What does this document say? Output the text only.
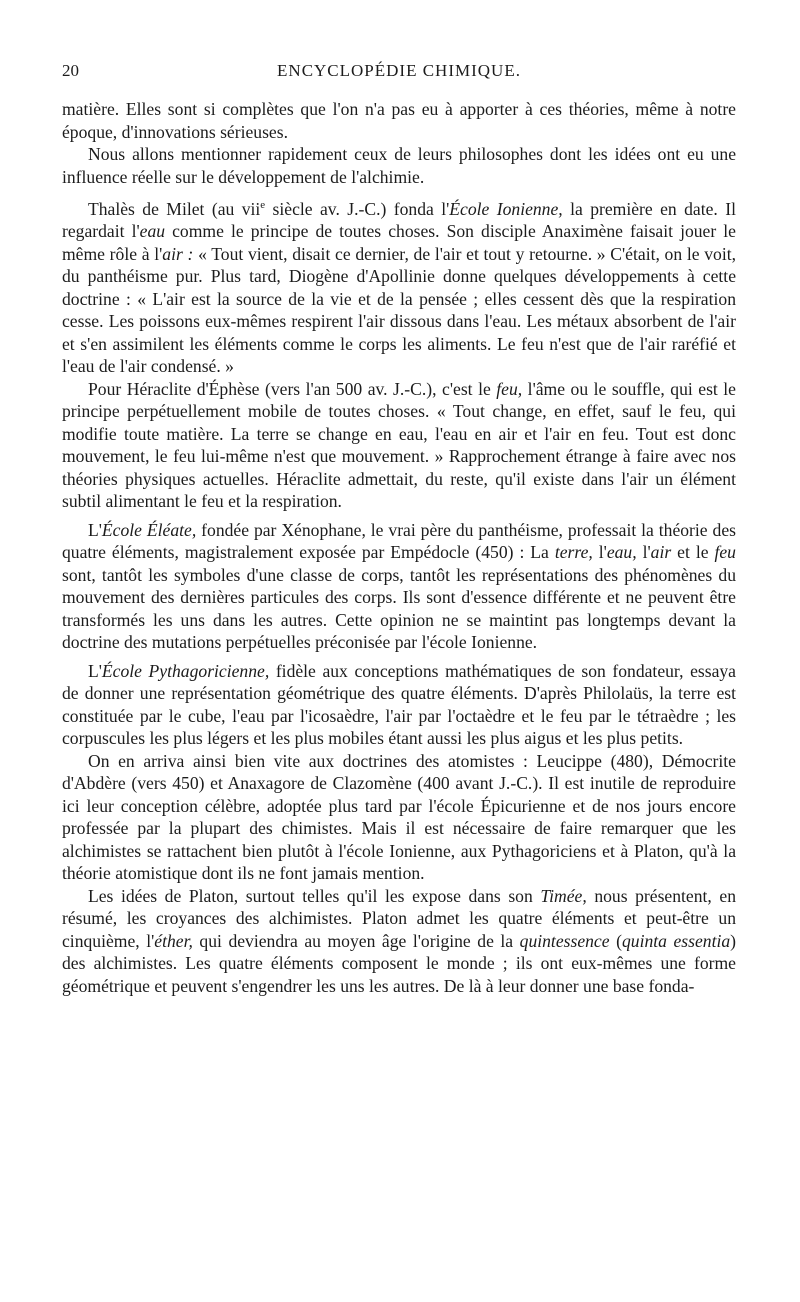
20	ENCYCLOPÉDIE CHIMIQUE.

matière. Elles sont si complètes que l'on n'a pas eu à apporter à ces théories, même à notre époque, d'innovations sérieuses.

Nous allons mentionner rapidement ceux de leurs philosophes dont les idées ont eu une influence réelle sur le développement de l'alchimie.

Thalès de Milet (au vii$^e$ siècle av. J.-C.) fonda l'École Ionienne, la première en date. Il regardait l'eau comme le principe de toutes choses. Son disciple Anaximène faisait jouer le même rôle à l'air : « Tout vient, disait ce dernier, de l'air et tout y retourne. » C'était, on le voit, du panthéisme pur. Plus tard, Diogène d'Apollinie donne quelques développements à cette doctrine : « L'air est la source de la vie et de la pensée ; elles cessent dès que la respiration cesse. Les poissons eux-mêmes respirent l'air dissous dans l'eau. Les métaux absorbent de l'air et s'en assimilent les éléments comme le corps les aliments. Le feu n'est que de l'air raréfié et l'eau de l'air condensé. »

Pour Héraclite d'Éphèse (vers l'an 500 av. J.-C.), c'est le feu, l'âme ou le souffle, qui est le principe perpétuellement mobile de toutes choses. « Tout change, en effet, sauf le feu, qui modifie toute matière. La terre se change en eau, l'eau en air et l'air en feu. Tout est donc mouvement, le feu lui-même n'est que mouvement. » Rapprochement étrange à faire avec nos théories physiques actuelles. Héraclite admettait, du reste, qu'il existe dans l'air un élément subtil alimentant le feu et la respiration.

L'École Éléate, fondée par Xénophane, le vrai père du panthéisme, professait la théorie des quatre éléments, magistralement exposée par Empédocle (450) : La terre, l'eau, l'air et le feu sont, tantôt les symboles d'une classe de corps, tantôt les représentations des phénomènes du mouvement des dernières particules des corps. Ils sont d'essence différente et ne peuvent être transformés les uns dans les autres. Cette opinion ne se maintint pas longtemps devant la doctrine des mutations perpétuelles préconisée par l'école Ionienne.

L'École Pythagoricienne, fidèle aux conceptions mathématiques de son fondateur, essaya de donner une représentation géométrique des quatre éléments. D'après Philolaüs, la terre est constituée par le cube, l'eau par l'icosaèdre, l'air par l'octaèdre et le feu par le tétraèdre ; les corpuscules les plus légers et les plus mobiles étant aussi les plus aigus et les plus petits.

On en arriva ainsi bien vite aux doctrines des atomistes : Leucippe (480), Démocrite d'Abdère (vers 450) et Anaxagore de Clazomène (400 avant J.-C.). Il est inutile de reproduire ici leur conception célèbre, adoptée plus tard par l'école Épicurienne et de nos jours encore professée par la plupart des chimistes. Mais il est nécessaire de faire remarquer que les alchimistes se rattachent bien plutôt à l'école Ionienne, aux Pythagoriciens et à Platon, qu'à la théorie atomistique dont ils ne font jamais mention.

Les idées de Platon, surtout telles qu'il les expose dans son Timée, nous présentent, en résumé, les croyances des alchimistes. Platon admet les quatre éléments et peut-être un cinquième, l'éther, qui deviendra au moyen âge l'origine de la quintessence (quinta essentia) des alchimistes. Les quatre éléments composent le monde ; ils ont eux-mêmes une forme géométrique et peuvent s'engendrer les uns les autres. De là à leur donner une base fonda-
